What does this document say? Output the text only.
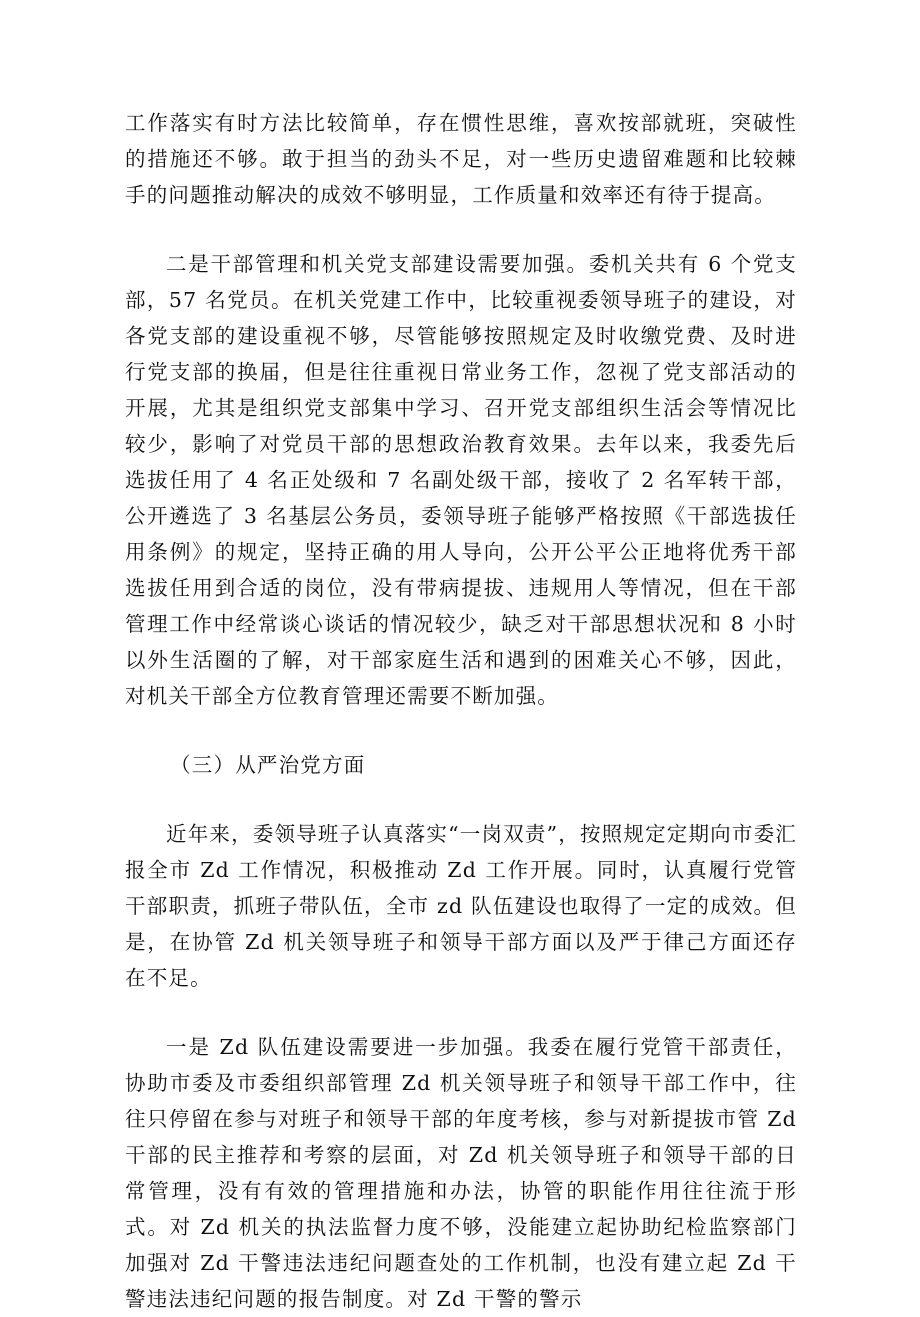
工作落实有时方法比较简单，存在惯性思维，喜欢按部就班，突破性的措施还不够。敢于担当的劲头不足，对一些历史遗留难题和比较棘手的问题推动解决的成效不够明显，工作质量和效率还有待于提高。

二是干部管理和机关党支部建设需要加强。委机关共有 6 个党支部，57 名党员。在机关党建工作中，比较重视委领导班子的建设，对各党支部的建设重视不够，尽管能够按照规定及时收缴党费、及时进行党支部的换届，但是往往重视日常业务工作，忽视了党支部活动的开展，尤其是组织党支部集中学习、召开党支部组织生活会等情况比较少，影响了对党员干部的思想政治教育效果。去年以来，我委先后选拔任用了 4 名正处级和 7 名副处级干部，接收了 2 名军转干部，公开遴选了 3 名基层公务员，委领导班子能够严格按照《干部选拔任用条例》的规定，坚持正确的用人导向，公开公平公正地将优秀干部选拔任用到合适的岗位，没有带病提拔、违规用人等情况，但在干部管理工作中经常谈心谈话的情况较少，缺乏对干部思想状况和 8 小时以外生活圈的了解，对干部家庭生活和遇到的困难关心不够，因此，对机关干部全方位教育管理还需要不断加强。

（三）从严治党方面

近年来，委领导班子认真落实“一岗双责”，按照规定定期向市委汇报全市 Zd 工作情况，积极推动 Zd 工作开展。同时，认真履行党管干部职责，抓班子带队伍，全市 zd 队伍建设也取得了一定的成效。但是，在协管 Zd 机关领导班子和领导干部方面以及严于律己方面还存在不足。

一是 Zd 队伍建设需要进一步加强。我委在履行党管干部责任，协助市委及市委组织部管理 Zd 机关领导班子和领导干部工作中，往往只停留在参与对班子和领导干部的年度考核，参与对新提拔市管 Zd 干部的民主推荐和考察的层面，对 Zd 机关领导班子和领导干部的日常管理，没有有效的管理措施和办法，协管的职能作用往往流于形式。对 Zd 机关的执法监督力度不够，没能建立起协助纪检监察部门加强对 Zd 干警违法违纪问题查处的工作机制，也没有建立起 Zd 干警违法违纪问题的报告制度。对 Zd 干警的警示
